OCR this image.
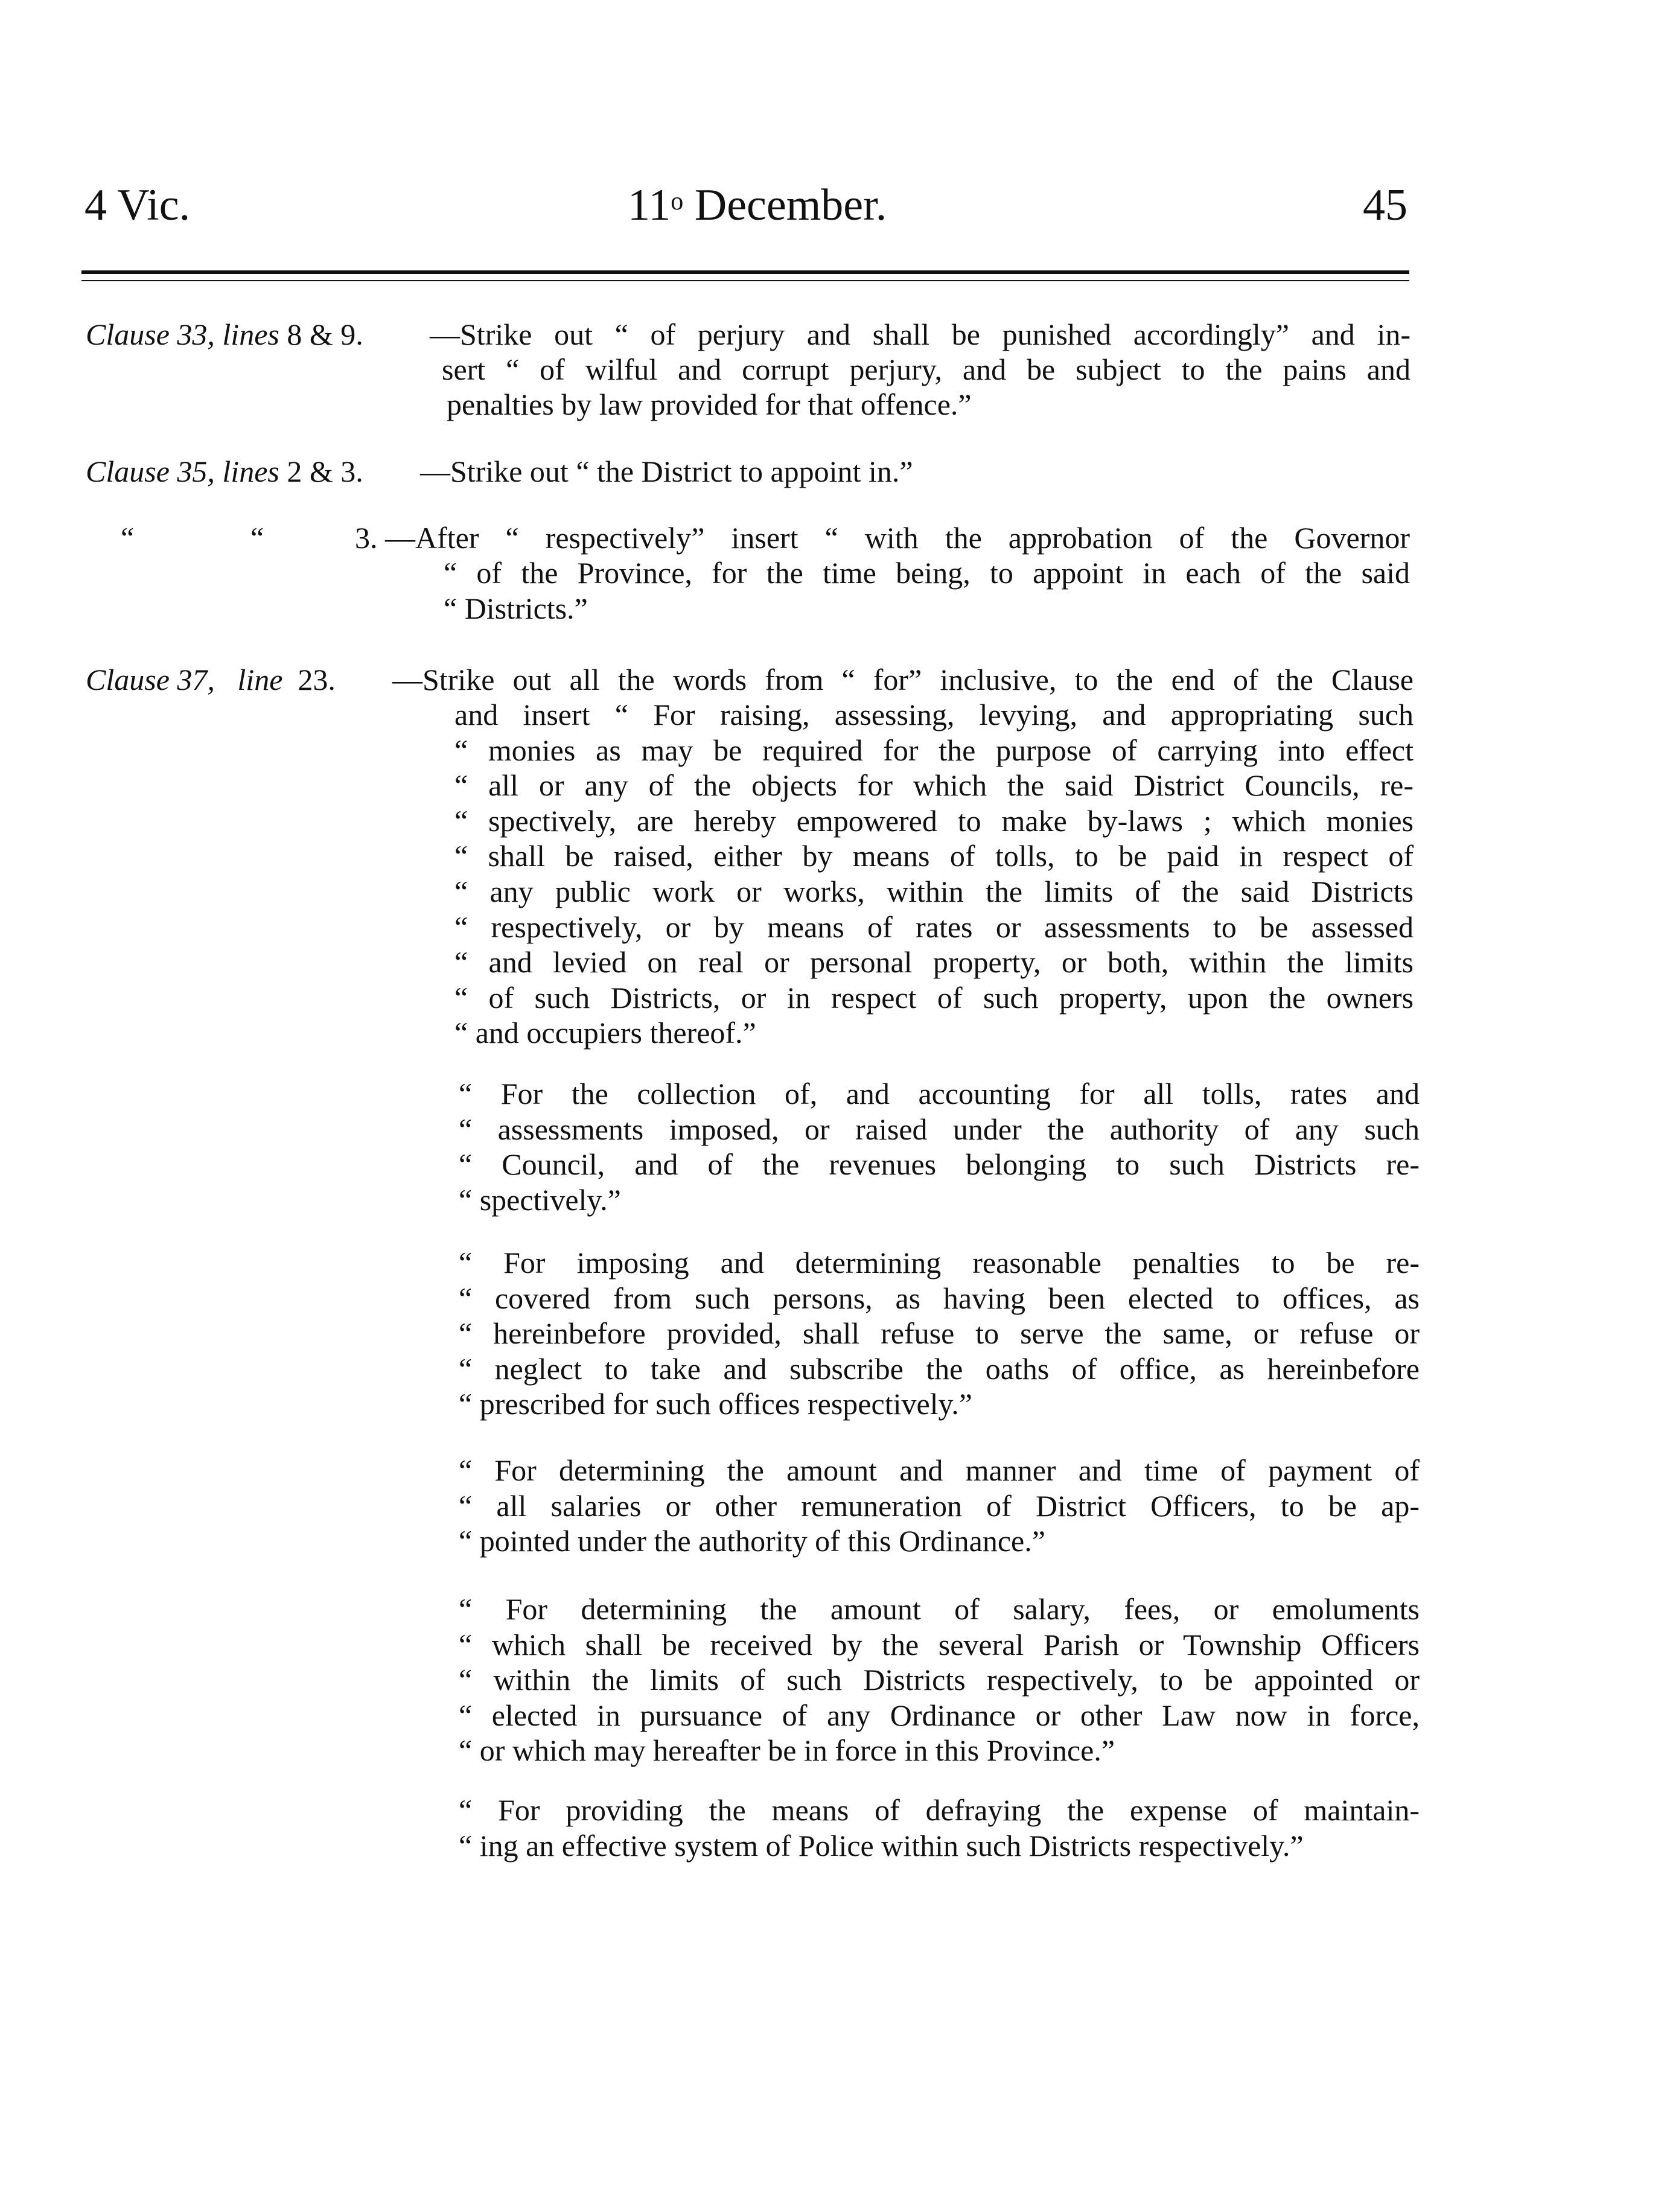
4 Vic.	11$^o$ December.	45
Clause 33, lines 8 & 9. —Strike out “ of perjury and shall be punished accordingly” and in-
sert “ of wilful and corrupt perjury, and be subject to the pains and
penalties by law provided for that offence.”
Clause 35, lines 2 & 3. —Strike out “ the District to appoint in.”
“	“	3. —After “ respectively” insert “ with the approbation of the Governor
“ of the Province, for the time being, to appoint in each of the said
“ Districts.”
Clause 37, line 23. —Strike out all the words from “ for” inclusive, to the end of the Clause
and insert “ For raising, assessing, levying, and appropriating such
“ monies as may be required for the purpose of carrying into effect
“ all or any of the objects for which the said District Councils, re-
“ spectively, are hereby empowered to make by-laws ; which monies
“ shall be raised, either by means of tolls, to be paid in respect of
“ any public work or works, within the limits of the said Districts
“ respectively, or by means of rates or assessments to be assessed
“ and levied on real or personal property, or both, within the limits
“ of such Districts, or in respect of such property, upon the owners
“ and occupiers thereof.”
“ For the collection of, and accounting for all tolls, rates and
“ assessments imposed, or raised under the authority of any such
“ Council, and of the revenues belonging to such Districts re-
“ spectively.”
“ For imposing and determining reasonable penalties to be re-
“ covered from such persons, as having been elected to offices, as
“ hereinbefore provided, shall refuse to serve the same, or refuse or
“ neglect to take and subscribe the oaths of office, as hereinbefore
“ prescribed for such offices respectively.”
“ For determining the amount and manner and time of payment of
“ all salaries or other remuneration of District Officers, to be ap-
“ pointed under the authority of this Ordinance.”
“ For determining the amount of salary, fees, or emoluments
“ which shall be received by the several Parish or Township Officers
“ within the limits of such Districts respectively, to be appointed or
“ elected in pursuance of any Ordinance or other Law now in force,
“ or which may hereafter be in force in this Province.”
“ For providing the means of defraying the expense of maintain-
“ ing an effective system of Police within such Districts respectively.”
